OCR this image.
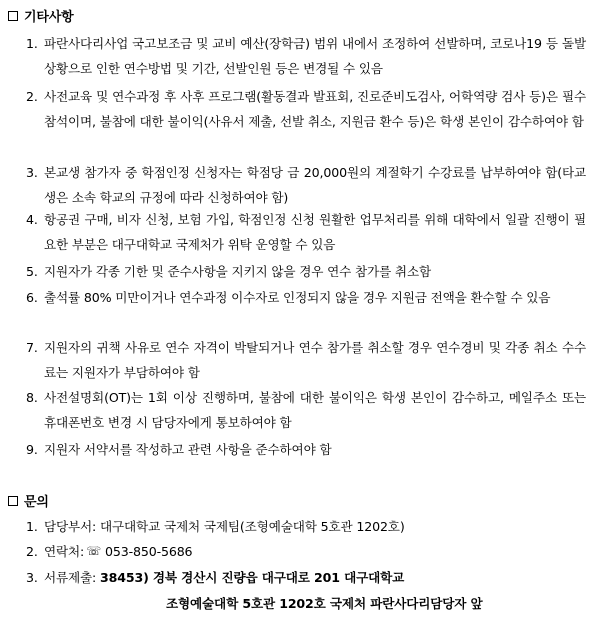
기타사항
1. 파란사다리사업 국고보조금 및 교비 예산(장학금) 범위 내에서 조정하여 선발하며, 코로나19 등 돌발상황으로 인한 연수방법 및 기간, 선발인원 등은 변경될 수 있음
2. 사전교육 및 연수과정 후 사후 프로그램(활동결과 발표회, 진로준비도검사, 어학역량 검사 등)은 필수 참석이며, 불참에 대한 불이익(사유서 제출, 선발 취소, 지원금 환수 등)은 학생 본인이 감수하여야 함
3. 본교생 참가자 중 학점인정 신청자는 학점당 금 20,000원의 계절학기 수강료를 납부하여야 함(타교생은 소속 학교의 규정에 따라 신청하여야 함)
4. 항공권 구매, 비자 신청, 보험 가입, 학점인정 신청 원활한 업무처리를 위해 대학에서 일괄 진행이 필요한 부분은 대구대학교 국제처가 위탁 운영할 수 있음
5. 지원자가 각종 기한 및 준수사항을 지키지 않을 경우 연수 참가를 취소함
6. 출석률 80% 미만이거나 연수과정 이수자로 인정되지 않을 경우 지원금 전액을 환수할 수 있음
7. 지원자의 귀책 사유로 연수 자격이 박탈되거나 연수 참가를 취소할 경우 연수경비 및 각종 취소 수수료는 지원자가 부담하여야 함
8. 사전설명회(OT)는 1회 이상 진행하며, 불참에 대한 불이익은 학생 본인이 감수하고, 메일주소 또는 휴대폰번호 변경 시 담당자에게 통보하여야 함
9. 지원자 서약서를 작성하고 관련 사항을 준수하여야 함
문의
1. 담당부서:
대구대학교 국제처 국제팀(조형예술대학 5호관 1202호)
2. 연락처: ☏ 053-850-5686
3. 서류제출:
38453) 경북 경산시 진량읍 대구대로 201 대구대학교
조형예술대학 5호관 1202호 국제처 파란사다리담당자 앞
